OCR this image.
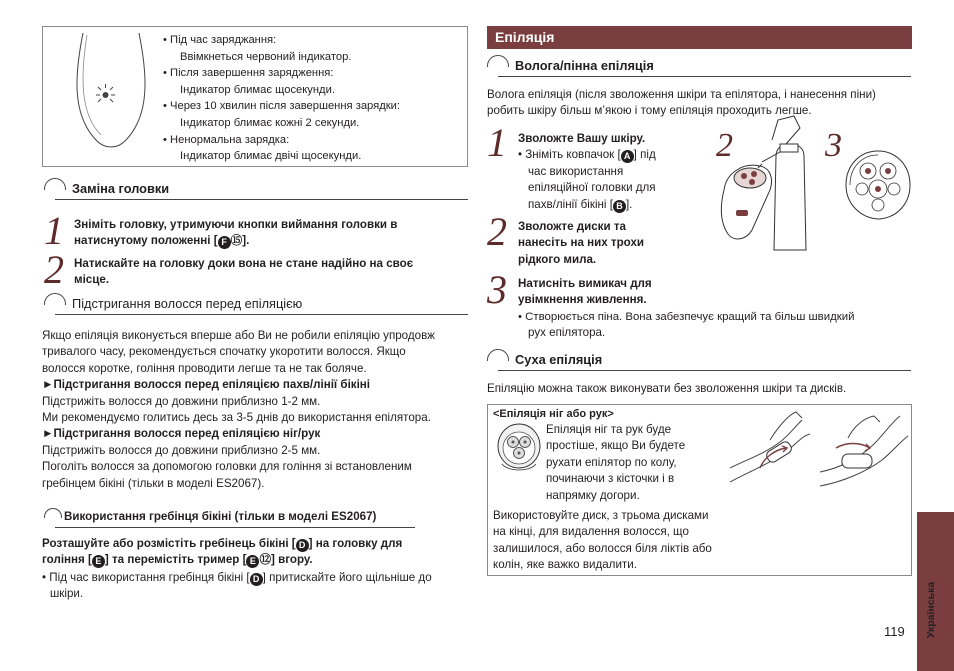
• Під час заряджання:
Ввімкнеться червоний індикатор.
• Після завершення зарядження:
Індикатор блимає щосекунди.
• Через 10 хвилин після завершення зарядки:
Індикатор блимає кожні 2 секунди.
• Ненормальна зарядка:
Індикатор блимає двічі щосекунди.
Заміна головки
1 Зніміть головку, утримуючи кнопки виймання головки в
натиснутому положенні [ F ⑮].
2 Натискайте на головку доки вона не стане надійно на своє
місце.
Підстригання волосся перед епіляцією
Якщо епіляція виконується вперше або Ви не робили епіляцію упродовж
тривалого часу, рекомендується спочатку укоротити волосся. Якщо
волосся коротке, гоління проводити легше та не так боляче.
►Підстригання волосся перед епіляцією пахв/лінії бікіні
Підстрижіть волосся до довжини приблизно 1-2 мм.
Ми рекомендуємо голитись десь за 3-5 днів до використання епілятора.
►Підстригання волосся перед епіляцією ніг/рук
Підстрижіть волосся до довжини приблизно 2-5 мм.
Поголіть волосся за допомогою головки для гоління зі встановленим
гребінцем бікіні (тільки в моделі ES2067).
Використання гребінця бікіні (тільки в моделі ES2067)
Розташуйте або розмістіть гребінець бікіні [ D ] на головку для
гоління [ E ] та перемістіть тример [ E ⑫] вгору.
• Під час використання гребінця бікіні [ D ] притискайте його щільніше до
шкіри.
Епіляція
Волога/пінна епіляція
Волога епіляція (після зволоження шкіри та епілятора, і нанесення піни)
робить шкіру більш м’якою і тому епіляція проходить легше.
1 Зволожте Вашу шкіру.
• Зніміть ковпачок [ A ] під
час використання
епіляційної головки для
пахв/лінії бікіні [ B ].
2 Зволожте диски та
нанесіть на них трохи
рідкого мила.
3 Натисніть вимикач для
увімкнення живлення.
• Створюється піна. Вона забезпечує кращий та більш швидкий
рух епілятора.
2	3
Суха епіляція
Епіляцію можна також виконувати без зволоження шкіри та дисків.
<Епіляція ніг або рук>
Епіляція ніг та рук буде
простіше, якщо Ви будете
рухати епілятор по колу,
починаючи з кісточки і в
напрямку догори.
Використовуйте диск, з трьома дисками
на кінці, для видалення волосся, що
залишилося, або волосся біля ліктів або
колін, яке важко видалити.
Українська
119
